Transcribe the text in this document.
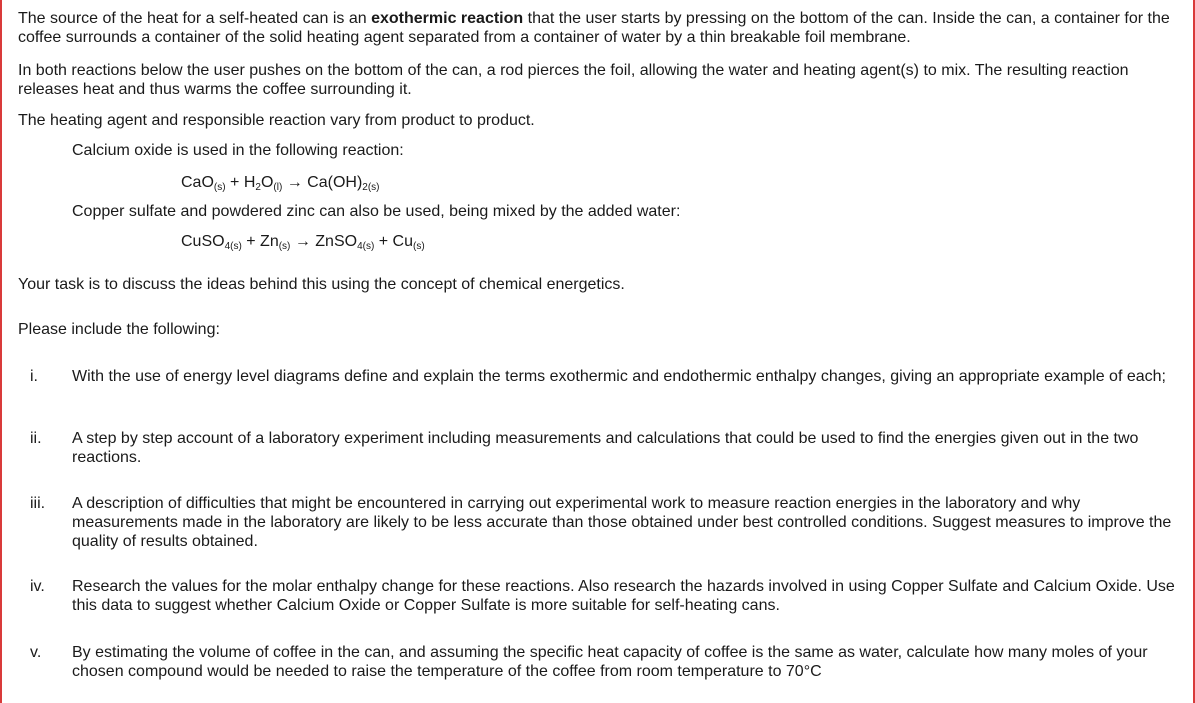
The source of the heat for a self-heated can is an exothermic reaction that the user starts by pressing on the bottom of the can. Inside the can, a container for the coffee surrounds a container of the solid heating agent separated from a container of water by a thin breakable foil membrane.

In both reactions below the user pushes on the bottom of the can, a rod pierces the foil, allowing the water and heating agent(s) to mix. The resulting reaction releases heat and thus warms the coffee surrounding it.

The heating agent and responsible reaction vary from product to product.

Calcium oxide is used in the following reaction:

$CaO_{(s)} + H_2O_{(l)} \to Ca(OH)_{2(s)}$

Copper sulfate and powdered zinc can also be used, being mixed by the added water:

CuSO$_{4(s)}$ + $Zn_{(s)}$ → ZnSO$_{4(s)}$ + $Cu_{(s)}$

Your task is to discuss the ideas behind this using the concept of chemical energetics.

Please include the following:

i. With the use of energy level diagrams define and explain the terms exothermic and endothermic enthalpy changes, giving an appropriate example of each;

ii. A step by step account of a laboratory experiment including measurements and calculations that could be used to find the energies given out in the two reactions.

iii. A description of difficulties that might be encountered in carrying out experimental work to measure reaction energies in the laboratory and why measurements made in the laboratory are likely to be less accurate than those obtained under best controlled conditions. Suggest measures to improve the quality of results obtained.

iv. Research the values for the molar enthalpy change for these reactions. Also research the hazards involved in using Copper Sulfate and Calcium Oxide. Use this data to suggest whether Calcium Oxide or Copper Sulfate is more suitable for self-heating cans.

v. By estimating the volume of coffee in the can, and assuming the specific heat capacity of coffee is the same as water, calculate how many moles of your chosen compound would be needed to raise the temperature of the coffee from room temperature to 70°C
